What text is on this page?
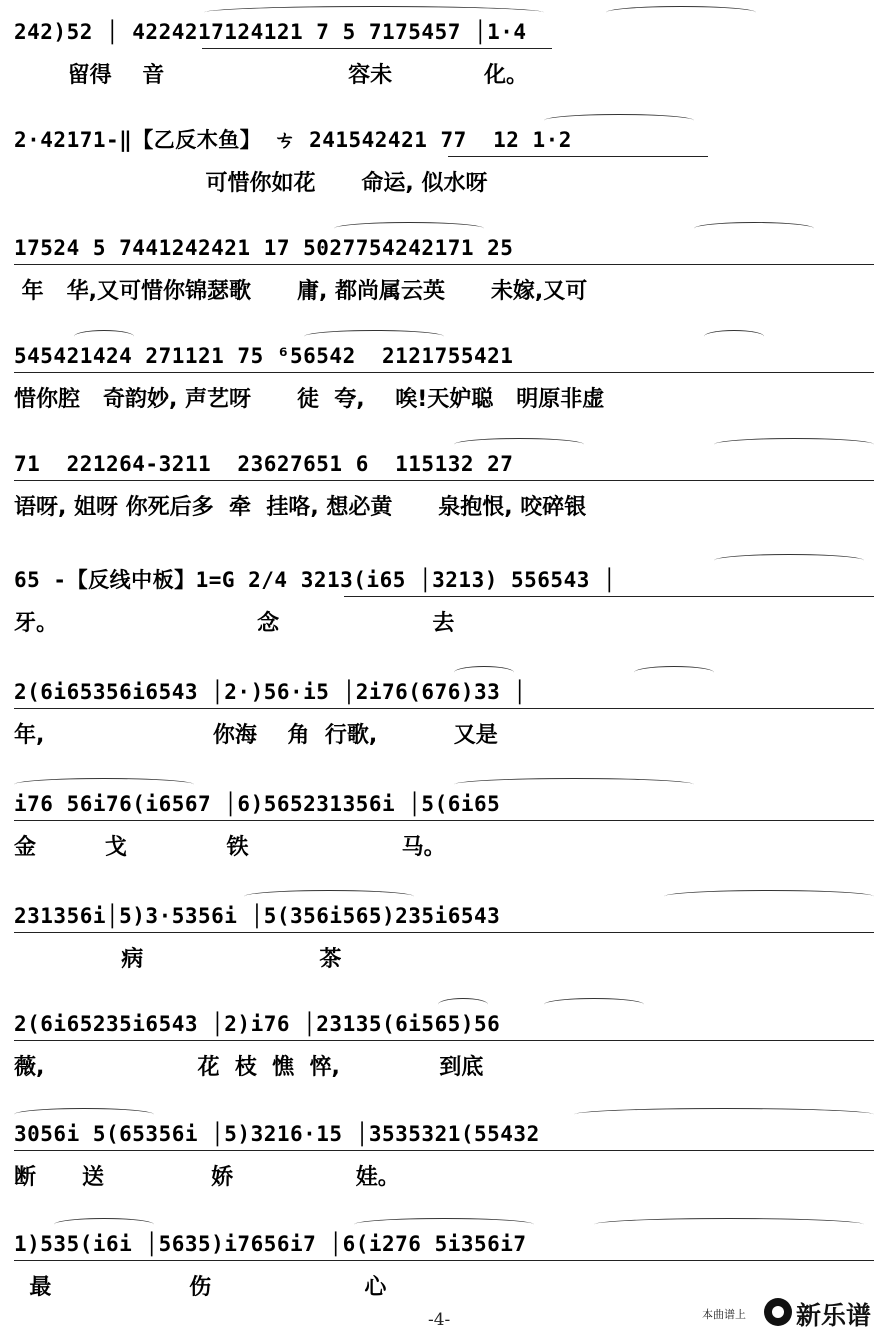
242)52 │ 4224217124121 7 5 7175457 │1·4
留得    音                        容未            化。
2·42171-‖【乙反木鱼】 ㄘ 241542421 77  12 1·2
可惜你如花      命运, 似水呀
17524 5 7441242421 17 5027754242171 25
年   华,又可惜你锦瑟歌      庸, 都尚属云英      未嫁,又可
545421424 271121 75 ⁶56542  2121755421
惜你腔   奇韵妙, 声艺呀      徒  夸,    唉!天妒聪   明原非虚
71  221264-3211  23627651 6  115132 27
语呀, 姐呀 你死后多  牵  挂咯, 想必黄      泉抱恨, 咬碎银
65 -【反线中板】1=G 2/4 3213(i65 │3213) 556543 │
牙。                          念                    去
2(6i65356i6543 │2·)56·i5 │2i76(676)33 │
年,                      你海    角  行歌,          又是
i76 56i76(i6567 │6)565231356i │5(6i65
金         戈             铁                    马。
231356i│5)3·5356i │5(356i565)235i6543
病                       茶
2(6i65235i6543 │2)i76 │23135(6i565)56
薇,                    花  枝  憔  悴,             到底
3056i 5(65356i │5)3216·15 │3535321(55432
断      送              娇                娃。
1)535(i6i │5635)i7656i7 │6(i276 5i356i7
最                  伤                    心
-4-	本曲谱上 新乐谱
